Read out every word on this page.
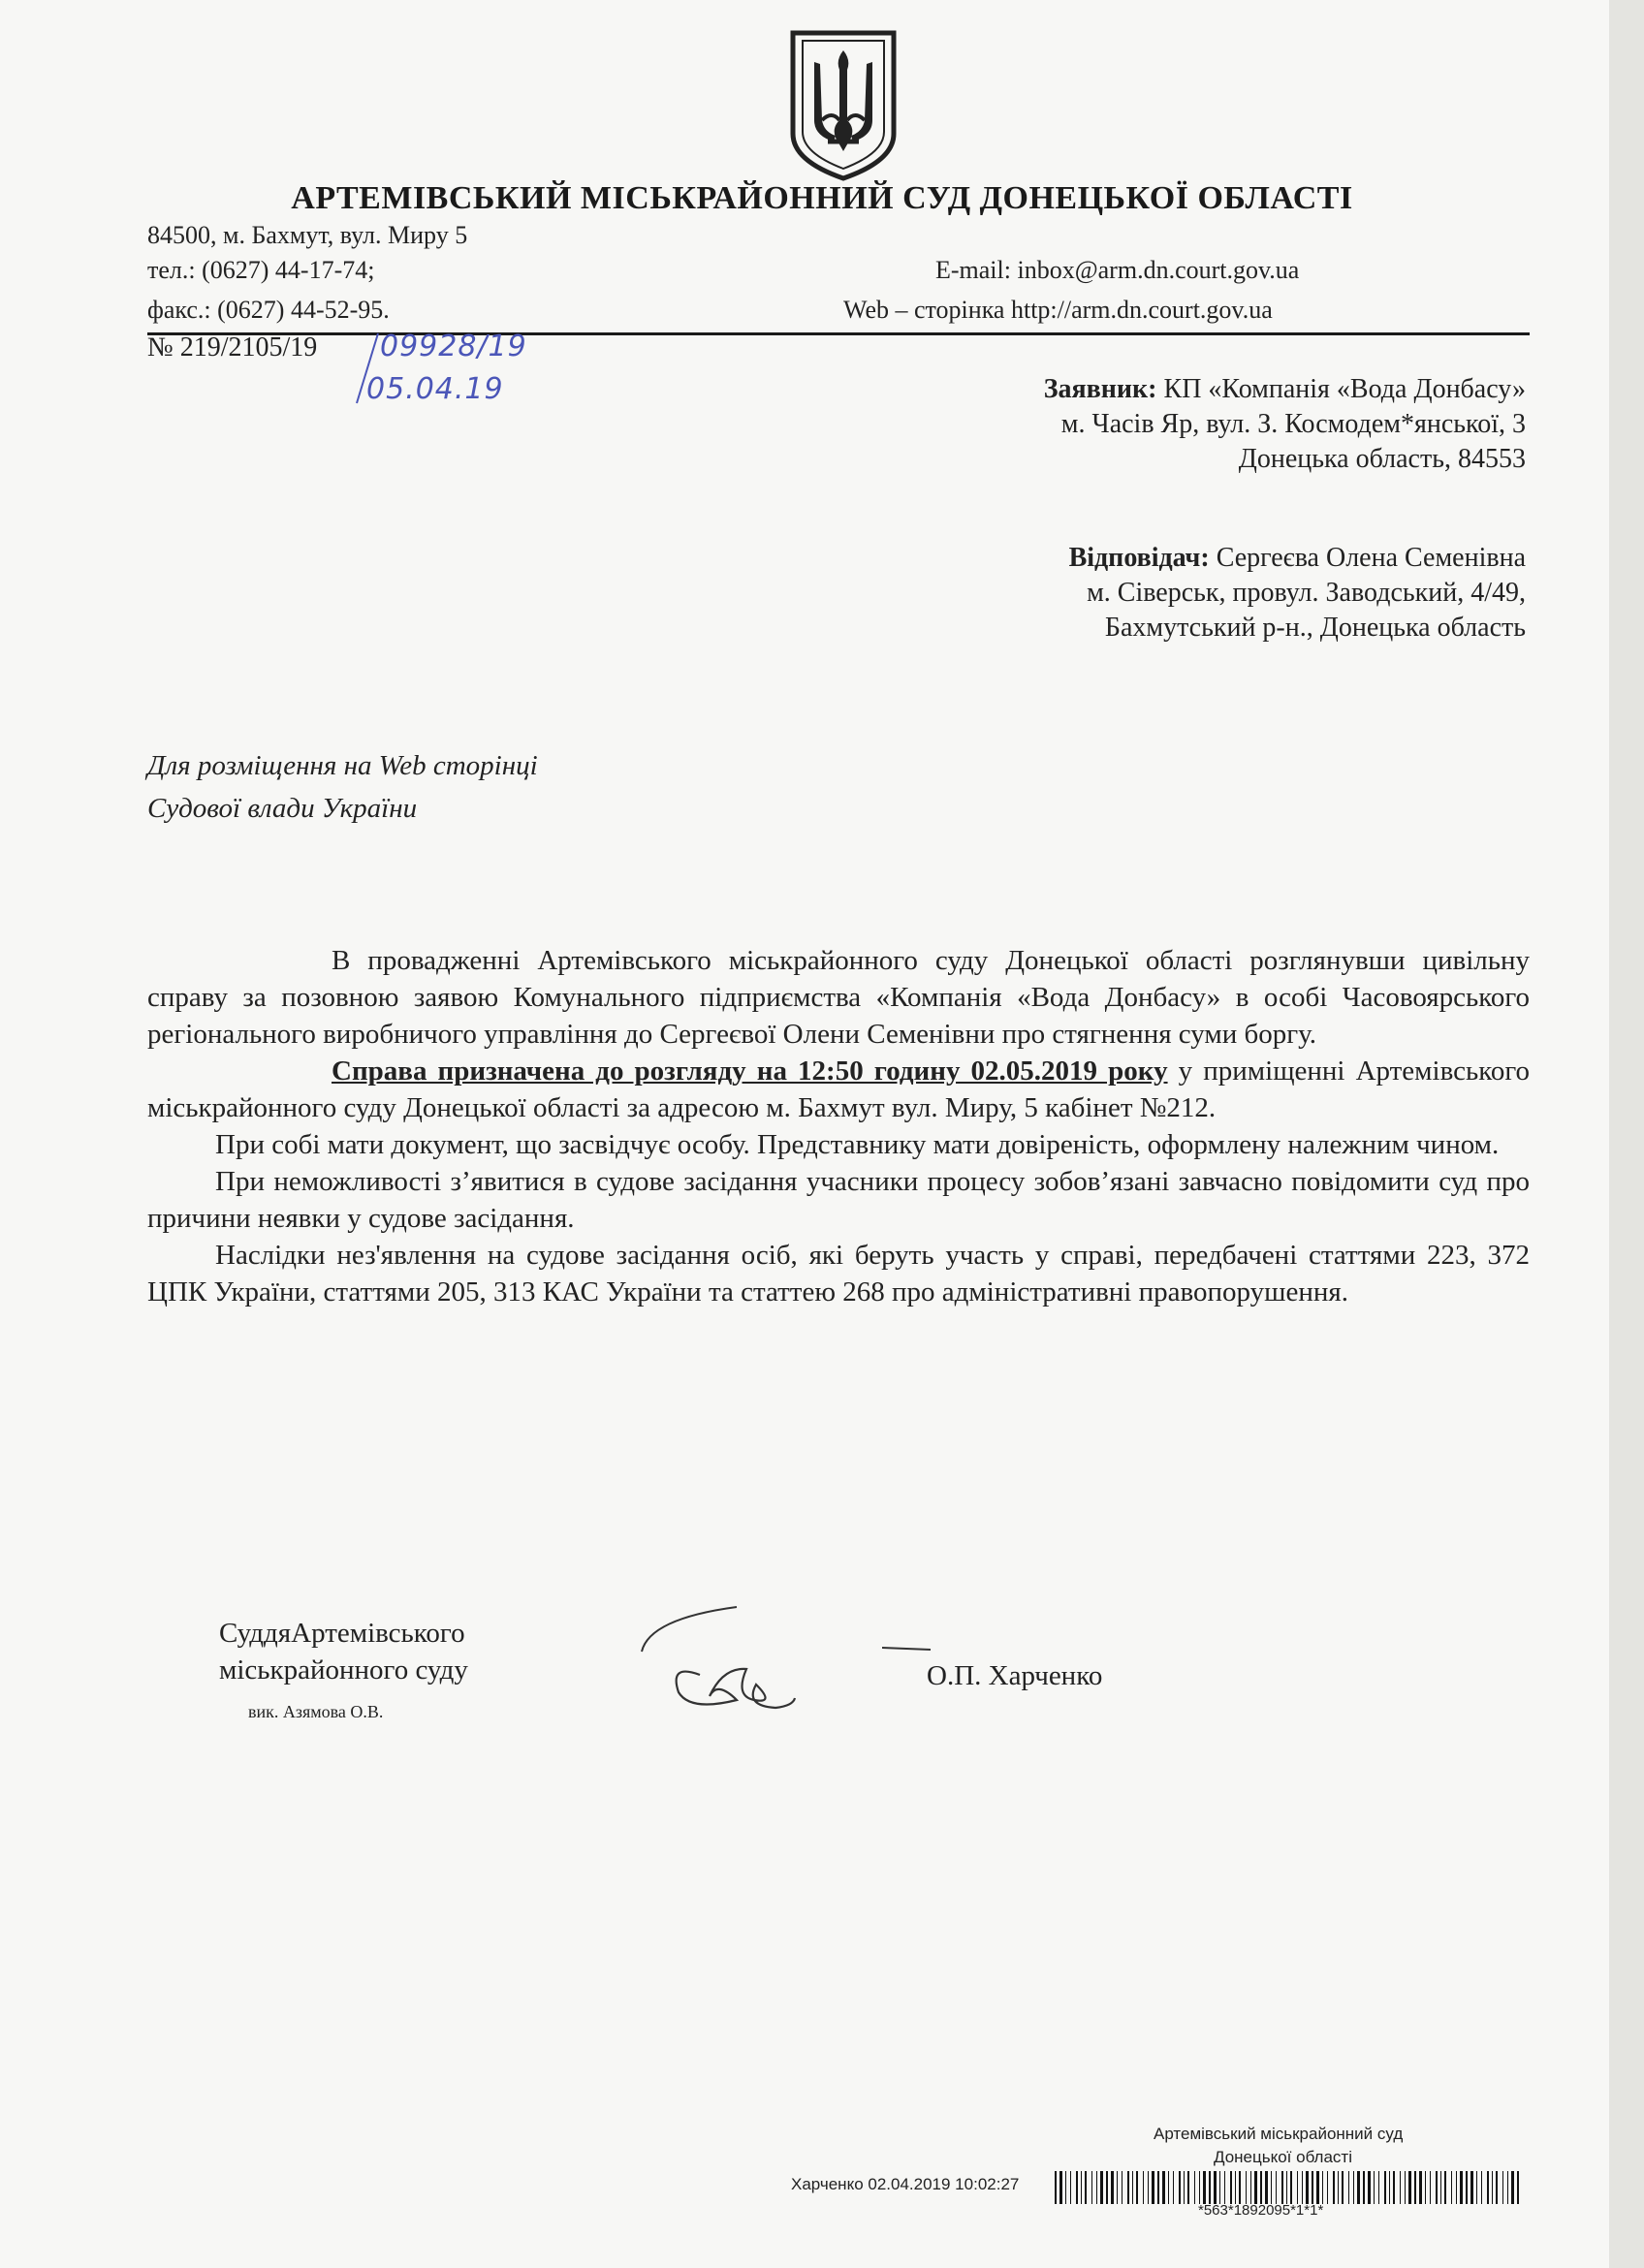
АРТЕМІВСЬКИЙ МІСЬКРАЙОННИЙ СУД ДОНЕЦЬКОЇ ОБЛАСТІ
84500, м. Бахмут, вул. Миру 5
тел.: (0627) 44-17-74;
факс.: (0627) 44-52-95.
E-mail: inbox@arm.dn.court.gov.ua
Web – сторінка http://arm.dn.court.gov.ua
№ 219/2105/19 09928/19
05.04.19	Заявник: КП «Компанія «Вода Донбасу»
м. Часів Яр, вул. З. Космодем*янської, 3
Донецька область, 84553
Відповідач: Сергеєва Олена Семенівна
м. Сіверськ, провул. Заводський, 4/49,
Бахмутський р-н., Донецька область
Для розміщення на Web сторінці
Судової влади України

В провадженні Артемівського міськрайонного суду Донецької області розглянувши цивільну справу за позовною заявою Комунального підприємства «Компанія «Вода Донбасу» в особі Часовоярського регіонального виробничого управління до Сергеєвої Олени Семенівни про стягнення суми боргу.

Справа призначена до розгляду на 12:50 годину 02.05.2019 року у приміщенні Артемівського міськрайонного суду Донецької області за адресою м. Бахмут вул. Миру, 5 кабінет №212.

При собі мати документ, що засвідчує особу. Представнику мати довіреність, оформлену належним чином.

При неможливості з’явитися в судове засідання учасники процесу зобов’язані завчасно повідомити суд про причини неявки у судове засідання.

Наслідки нез'явлення на судове засідання осіб, які беруть участь у справі, передбачені статтями 223, 372 ЦПК України, статтями 205, 313 КАС України та статтею 268 про адміністративні правопорушення.

СуддяАртемівського
міськрайонного суду
вик. Азямова О.В.
О.П. Харченко
Артемівський міськрайонний суд
Донецької області
Харченко 02.04.2019 10:02:27
*563*1892095*1*1*
